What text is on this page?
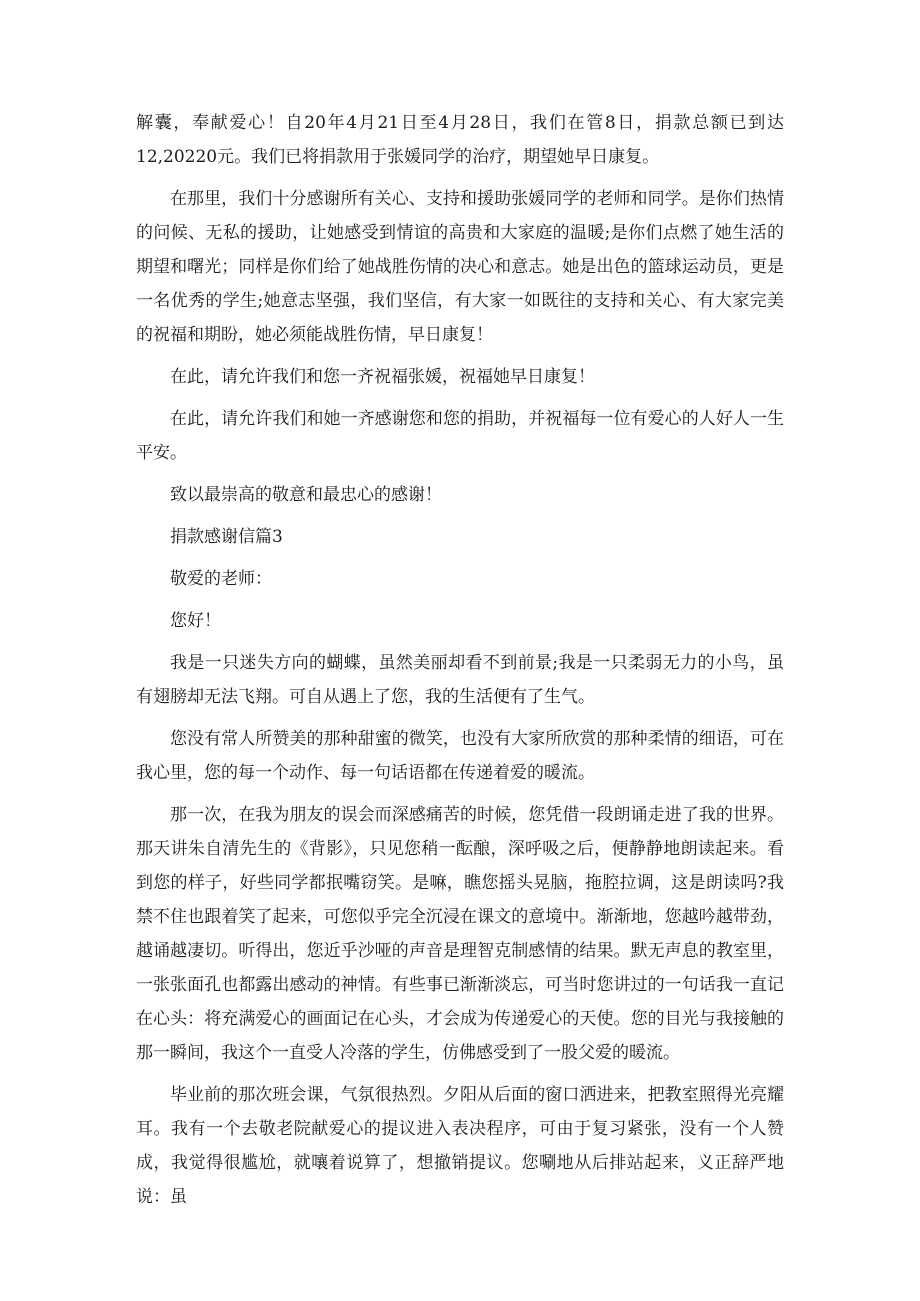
解囊，奉献爱心！自20年4月21日至4月28日，我们在管8日，捐款总额已到达12,20220元。我们已将捐款用于张媛同学的治疗，期望她早日康复。

在那里，我们十分感谢所有关心、支持和援助张媛同学的老师和同学。是你们热情的问候、无私的援助，让她感受到情谊的高贵和大家庭的温暖;是你们点燃了她生活的期望和曙光；同样是你们给了她战胜伤情的决心和意志。她是出色的篮球运动员，更是一名优秀的学生;她意志坚强，我们坚信，有大家一如既往的支持和关心、有大家完美的祝福和期盼，她必须能战胜伤情，早日康复！

在此，请允许我们和您一齐祝福张媛，祝福她早日康复！

在此，请允许我们和她一齐感谢您和您的捐助，并祝福每一位有爱心的人好人一生平安。

致以最崇高的敬意和最忠心的感谢！

捐款感谢信篇3

敬爱的老师：

您好！

我是一只迷失方向的蝴蝶，虽然美丽却看不到前景;我是一只柔弱无力的小鸟，虽有翅膀却无法飞翔。可自从遇上了您，我的生活便有了生气。

您没有常人所赞美的那种甜蜜的微笑，也没有大家所欣赏的那种柔情的细语，可在我心里，您的每一个动作、每一句话语都在传递着爱的暖流。

那一次，在我为朋友的误会而深感痛苦的时候，您凭借一段朗诵走进了我的世界。那天讲朱自清先生的《背影》，只见您稍一酝酿，深呼吸之后，便静静地朗读起来。看到您的样子，好些同学都抿嘴窃笑。是嘛，瞧您摇头晃脑，拖腔拉调，这是朗读吗?我禁不住也跟着笑了起来，可您似乎完全沉浸在课文的意境中。渐渐地，您越吟越带劲，越诵越凄切。听得出，您近乎沙哑的声音是理智克制感情的结果。默无声息的教室里，一张张面孔也都露出感动的神情。有些事已渐渐淡忘，可当时您讲过的一句话我一直记在心头：将充满爱心的画面记在心头，才会成为传递爱心的天使。您的目光与我接触的那一瞬间，我这个一直受人冷落的学生，仿佛感受到了一股父爱的暖流。

毕业前的那次班会课，气氛很热烈。夕阳从后面的窗口洒进来，把教室照得光亮耀耳。我有一个去敬老院献爱心的提议进入表决程序，可由于复习紧张，没有一个人赞成，我觉得很尴尬，就嚷着说算了，想撤销提议。您唰地从后排站起来，义正辞严地说：虽
